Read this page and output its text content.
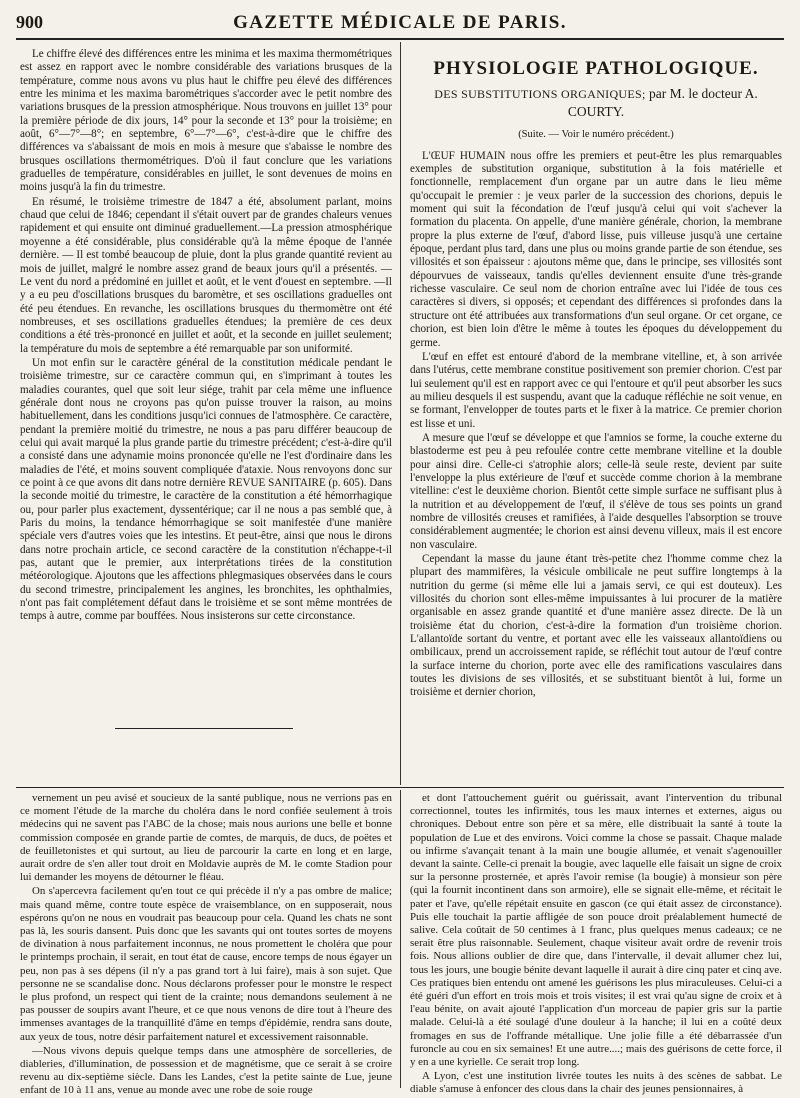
900	GAZETTE MÉDICALE DE PARIS.

Le chiffre élevé des différences entre les minima et les maxima thermométriques est assez en rapport avec le nombre considérable des variations brusques de la température, comme nous avons vu plus haut le chiffre peu élevé des différences entre les minima et les maxima barométriques s'accorder avec le petit nombre des variations brusques de la pression atmosphérique. Nous trouvons en juillet 13° pour la première période de dix jours, 14° pour la seconde et 13° pour la troisième; en août, 6°—7°—8°; en septembre, 6°—7°—6°, c'est-à-dire que le chiffre des différences va s'abaissant de mois en mois à mesure que s'abaisse le nombre des brusques oscillations thermométriques. D'où il faut conclure que les variations graduelles de température, considérables en juillet, le sont devenues de moins en moins jusqu'à la fin du trimestre.

En résumé, le troisième trimestre de 1847 a été, absolument parlant, moins chaud que celui de 1846; cependant il s'était ouvert par de grandes chaleurs venues rapidement et qui ensuite ont diminué graduellement.—La pression atmosphérique moyenne a été considérable, plus considérable qu'à la même époque de l'année dernière. — Il est tombé beaucoup de pluie, dont la plus grande quantité revient au mois de juillet, malgré le nombre assez grand de beaux jours qu'il a présentés. — Le vent du nord a prédominé en juillet et août, et le vent d'ouest en septembre. —Il y a eu peu d'oscillations brusques du baromètre, et ses oscillations graduelles ont été peu étendues. En revanche, les oscillations brusques du thermomètre ont été nombreuses, et ses oscillations graduelles étendues; la première de ces deux conditions a été très-prononcé en juillet et août, et la seconde en juillet seulement; la température du mois de septembre a été remarquable par son uniformité.

Un mot enfin sur le caractère général de la constitution médicale pendant le troisième trimestre, sur ce caractère commun qui, en s'imprimant à toutes les maladies courantes, quel que soit leur siége, trahit par cela même une influence générale dont nous ne croyons pas qu'on puisse trouver la raison, au moins habituellement, dans les conditions jusqu'ici connues de l'atmosphère. Ce caractère, pendant la première moitié du trimestre, ne nous a pas paru différer beaucoup de celui qui avait marqué la plus grande partie du trimestre précédent; c'est-à-dire qu'il a consisté dans une adynamie moins prononcée qu'elle ne l'est d'ordinaire dans les maladies de l'été, et moins souvent compliquée d'ataxie. Nous renvoyons donc sur ce point à ce que avons dit dans notre dernière REVUE SANITAIRE (p. 605). Dans la seconde moitié du trimestre, le caractère de la constitution a été hémorrhagique ou, pour parler plus exactement, dyssentérique; car il ne nous a pas semblé que, à Paris du moins, la tendance hémorrhagique se soit manifestée d'une manière spéciale vers d'autres voies que les intestins. Et peut-être, ainsi que nous le dirons dans notre prochain article, ce second caractère de la constitution n'échappe-t-il pas, autant que le premier, aux interprétations tirées de la constitution météorologique. Ajoutons que les affections phlegmasiques observées dans le cours du second trimestre, principalement les angines, les bronchites, les ophthalmies, n'ont pas fait complétement défaut dans le troisième et se sont même montrées de temps à autre, comme par bouffées. Nous insisterons sur cette circonstance.

PHYSIOLOGIE PATHOLOGIQUE.
DES SUBSTITUTIONS ORGANIQUES; par M. le docteur A. COURTY.
(Suite. — Voir le numéro précédent.)

L'ŒUF HUMAIN nous offre les premiers et peut-être les plus remarquables exemples de substitution organique, substitution à la fois matérielle et fonctionnelle, remplacement d'un organe par un autre dans le lieu même qu'occupait le premier : je veux parler de la succession des chorions, depuis le moment qui suit la fécondation de l'œuf jusqu'à celui qui voit s'achever la formation du placenta. On appelle, d'une manière générale, chorion, la membrane propre la plus externe de l'œuf, d'abord lisse, puis villeuse jusqu'à une certaine époque, perdant plus tard, dans une plus ou moins grande partie de son étendue, ses villosités et son épaisseur : ajoutons même que, dans le principe, ses villosités sont dépourvues de vaisseaux, tandis qu'elles deviennent ensuite d'une très-grande richesse vasculaire. Ce seul nom de chorion entraîne avec lui l'idée de tous ces caractères si divers, si opposés; et cependant des différences si profondes dans la structure ont été attribuées aux transformations d'un seul organe. Or cet organe, ce chorion, est bien loin d'être le même à toutes les époques du développement du germe.

L'œuf en effet est entouré d'abord de la membrane vitelline, et, à son arrivée dans l'utérus, cette membrane constitue positivement son premier chorion. C'est par lui seulement qu'il est en rapport avec ce qui l'entoure et qu'il peut absorber les sucs au milieu desquels il est suspendu, avant que la caduque réfléchie ne soit venue, en se formant, l'envelopper de toutes parts et le fixer à la matrice. Ce premier chorion est lisse et uni.

A mesure que l'œuf se développe et que l'amnios se forme, la couche externe du blastoderme est peu à peu refoulée contre cette membrane vitelline et la double pour ainsi dire. Celle-ci s'atrophie alors; celle-là seule reste, devient par suite l'enveloppe la plus extérieure de l'œuf et succède comme chorion à la membrane vitelline: c'est le deuxième chorion. Bientôt cette simple surface ne suffisant plus à la nutrition et au développement de l'œuf, il s'élève de tous ses points un grand nombre de villosités creuses et ramifiées, à l'aide desquelles l'absorption se trouve considérablement augmentée; le chorion est ainsi devenu villeux, mais il est encore non vasculaire.

Cependant la masse du jaune étant très-petite chez l'homme comme chez la plupart des mammifères, la vésicule ombilicale ne peut suffire longtemps à la nutrition du germe (si même elle lui a jamais servi, ce qui est douteux). Les villosités du chorion sont elles-même impuissantes à lui procurer de la matière organisable en assez grande quantité et d'une manière assez directe. De là un troisième état du chorion, c'est-à-dire la formation d'un troisième chorion. L'allantoïde sortant du ventre, et portant avec elle les vaisseaux allantoïdiens ou ombilicaux, prend un accroissement rapide, se réfléchit tout autour de l'œuf contre la surface interne du chorion, porte avec elle des ramifications vasculaires dans toutes les divisions de ses villosités, et se substituant bientôt à lui, forme un troisième et dernier chorion,

vernement un peu avisé et soucieux de la santé publique, nous ne verrions pas en ce moment l'étude de la marche du choléra dans le nord confiée seulement à trois médecins qui ne savent pas l'ABC de la chose; mais nous aurions une belle et bonne commission composée en grande partie de comtes, de marquis, de ducs, de poëtes et de feuilletonistes et qui surtout, au lieu de parcourir la carte en long et en large, aurait ordre de s'en aller tout droit en Moldavie auprès de M. le comte Stadion pour lui demander les moyens de détourner le fléau.

On s'apercevra facilement qu'en tout ce qui précède il n'y a pas ombre de malice; mais quand même, contre toute espèce de vraisemblance, on en supposerait, nous espérons qu'on ne nous en voudrait pas beaucoup pour cela. Quand les chats ne sont pas là, les souris dansent. Puis donc que les savants qui ont toutes sortes de moyens de divination à nous parfaitement inconnus, ne nous promettent le choléra que pour le printemps prochain, il serait, en tout état de cause, encore temps de nous égayer un peu, non pas à ses dépens (il n'y a pas grand tort à lui faire), mais à son sujet. Que personne ne se scandalise donc. Nous déclarons professer pour le monstre le respect le plus profond, un respect qui tient de la crainte; nous demandons seulement à ne pas pousser de soupirs avant l'heure, et ce que nous venons de dire tout à l'heure des immenses avantages de la tranquillité d'âme en temps d'épidémie, rendra sans doute, aux yeux de tous, notre désir parfaitement naturel et excessivement raisonnable.

—Nous vivons depuis quelque temps dans une atmosphère de sorcelleries, de diableries, d'illumination, de possession et de magnétisme, que ce serait à se croire revenu au dix-septième siècle. Dans les Landes, c'est la petite sainte de Lue, jeune enfant de 10 à 11 ans, venue au monde avec une robe de soie rouge

et dont l'attouchement guérit ou guérissait, avant l'intervention du tribunal correctionnel, toutes les infirmités, tous les maux internes et externes, aigus ou chroniques. Debout entre son père et sa mère, elle distribuait la santé à toute la population de Lue et des environs. Voici comme la chose se passait. Chaque malade ou infirme s'avançait tenant à la main une bougie allumée, et venait s'agenouiller devant la sainte. Celle-ci prenait la bougie, avec laquelle elle faisait un signe de croix sur la personne prosternée, et après l'avoir remise (la bougie) à monsieur son père (qui la fournit incontinent dans son armoire), elle se signait elle-même, et récitait le pater et l'ave, qu'elle répétait ensuite en gascon (ce qui était assez de circonstance). Puis elle touchait la partie affligée de son pouce droit préalablement humecté de salive. Cela coûtait de 50 centimes à 1 franc, plus quelques menus cadeaux; ce ne serait être plus raisonnable. Seulement, chaque visiteur avait ordre de revenir trois fois. Nous allions oublier de dire que, dans l'intervalle, il devait allumer chez lui, tous les jours, une bougie bénite devant laquelle il aurait à dire cinq pater et cinq ave. Ces pratiques bien entendu ont amené les guérisons les plus miraculeuses. Celui-ci a été guéri d'un effort en trois mois et trois visites; il est vrai qu'au signe de croix et à l'eau bénite, on avait ajouté l'application d'un morceau de papier gris sur la partie malade. Celui-là a été soulagé d'une douleur à la hanche; il lui en a coûté deux fromages en sus de l'offrande métallique. Une jolie fille a été débarrassée d'un furoncle au cou en six semaines! Et une autre....; mais des guérisons de cette force, il y en a une kyrielle. Ce serait trop long.

A Lyon, c'est une institution livrée toutes les nuits à des scènes de sabbat. Le diable s'amuse à enfoncer des clous dans la chair des jeunes pensionnaires, à
